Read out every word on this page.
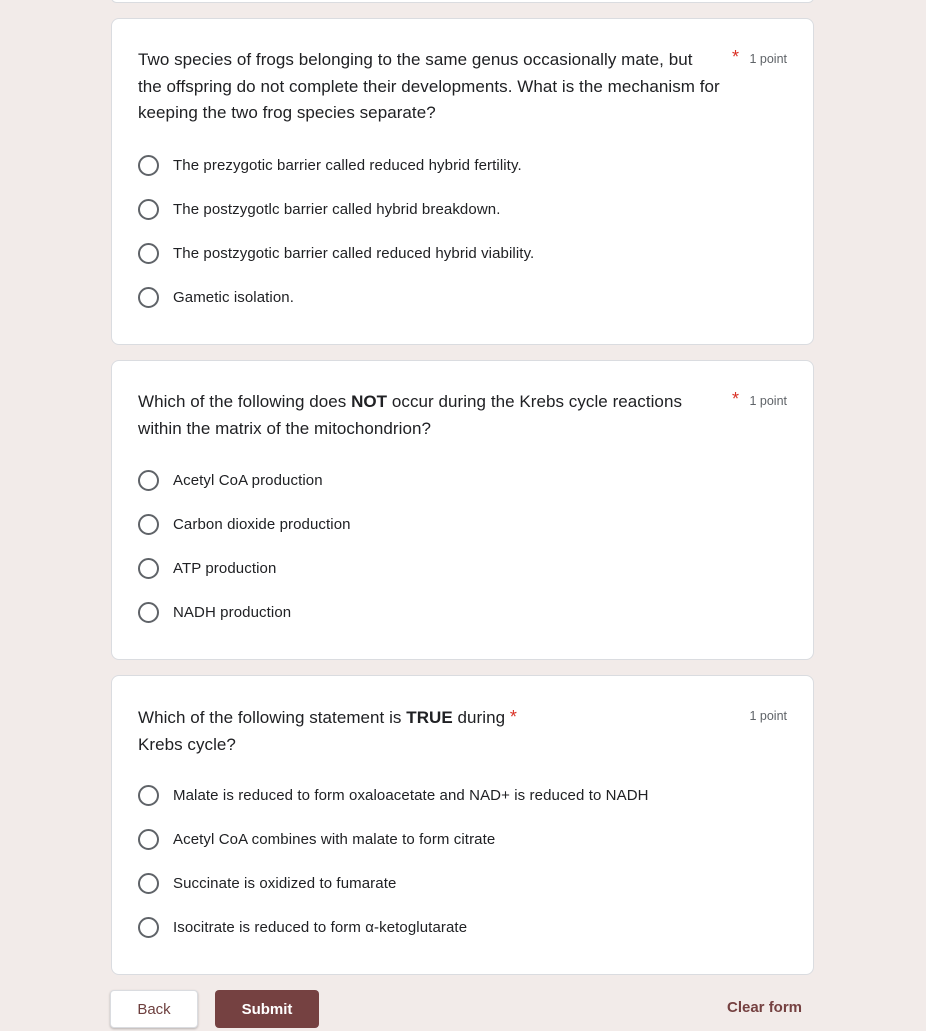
Two species of frogs belonging to the same genus occasionally mate, but the offspring do not complete their developments. What is the mechanism for keeping the two frog species separate?
* 1 point
The prezygotic barrier called reduced hybrid fertility.
The postzygotlc barrier called hybrid breakdown.
The postzygotic barrier called reduced hybrid viability.
Gametic isolation.
Which of the following does NOT occur during the Krebs cycle reactions within the matrix of the mitochondrion?
* 1 point
Acetyl CoA production
Carbon dioxide production
ATP production
NADH production
Which of the following statement is TRUE during *
Krebs cycle?
1 point
Malate is reduced to form oxaloacetate and NAD+ is reduced to NADH
Acetyl CoA combines with malate to form citrate
Succinate is oxidized to fumarate
Isocitrate is reduced to form α-ketoglutarate
Back	Submit	Clear form
